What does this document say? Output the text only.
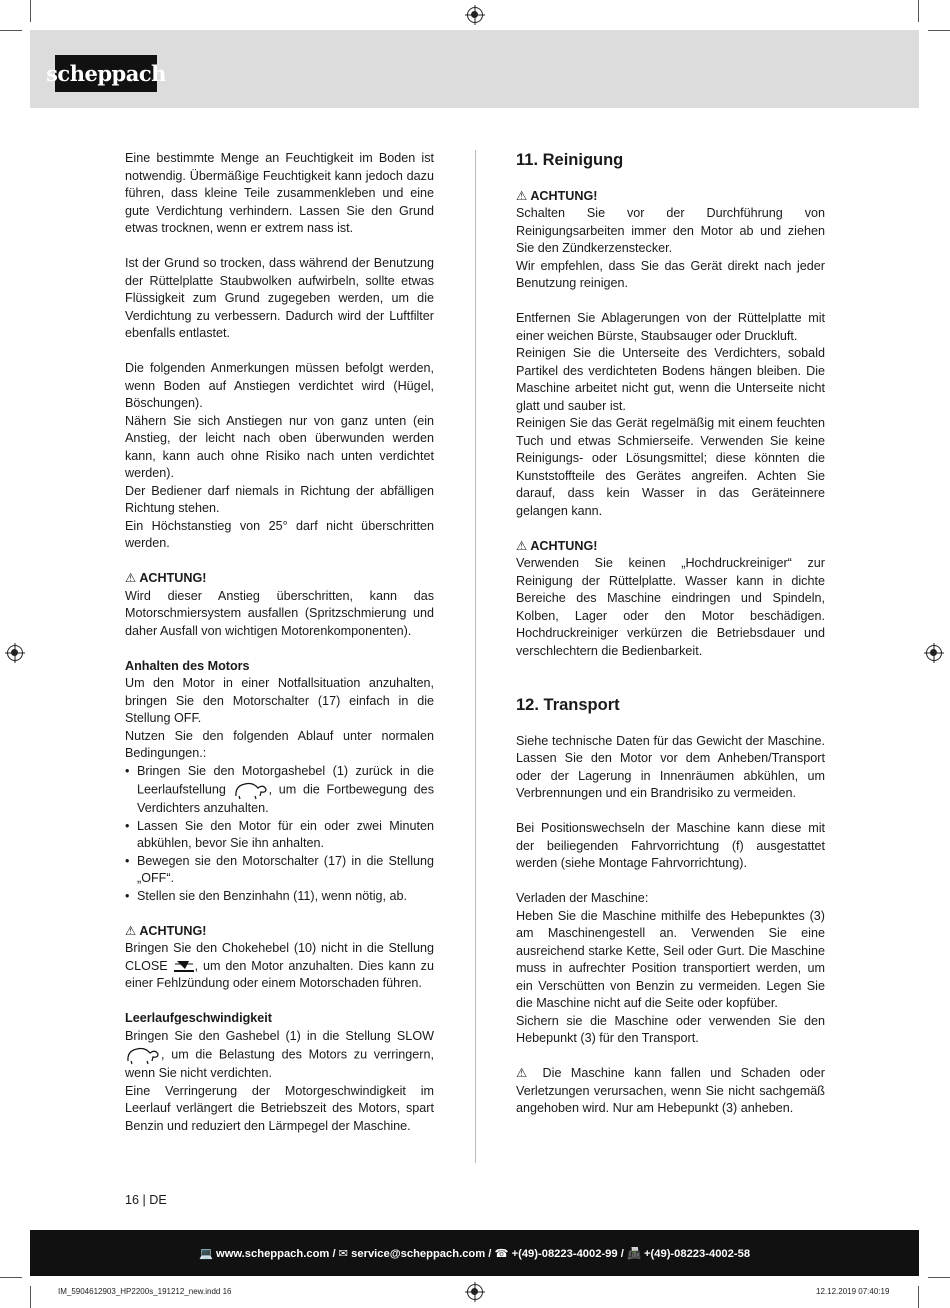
scheppach

Eine bestimmte Menge an Feuchtigkeit im Boden ist notwendig. Übermäßige Feuchtigkeit kann jedoch dazu führen, dass kleine Teile zusammenkleben und eine gute Verdichtung verhindern. Lassen Sie den Grund etwas trocknen, wenn er extrem nass ist.

Ist der Grund so trocken, dass während der Benutzung der Rüttelplatte Staubwolken aufwirbeln, sollte etwas Flüssigkeit zum Grund zugegeben werden, um die Verdichtung zu verbessern. Dadurch wird der Luftfilter ebenfalls entlastet.

Die folgenden Anmerkungen müssen befolgt werden, wenn Boden auf Anstiegen verdichtet wird (Hügel, Böschungen).

Nähern Sie sich Anstiegen nur von ganz unten (ein Anstieg, der leicht nach oben überwunden werden kann, kann auch ohne Risiko nach unten verdichtet werden).

Der Bediener darf niemals in Richtung der abfälligen Richtung stehen.

Ein Höchstanstieg von 25° darf nicht überschritten werden.

⚠ ACHTUNG!

Wird dieser Anstieg überschritten, kann das Motorschmiersystem ausfallen (Spritzschmierung und daher Ausfall von wichtigen Motorenkomponenten).

Anhalten des Motors

Um den Motor in einer Notfallsituation anzuhalten, bringen Sie den Motorschalter (17) einfach in die Stellung OFF.

Nutzen Sie den folgenden Ablauf unter normalen Bedingungen.:

• Bringen Sie den Motorgashebel (1) zurück in die Leerlaufstellung	, um die Fortbewegung des Verdichters anzuhalten.
• Lassen Sie den Motor für ein oder zwei Minuten abkühlen, bevor Sie ihn anhalten.
• Bewegen sie den Motorschalter (17) in die Stellung „OFF“.
• Stellen sie den Benzinhahn (11), wenn nötig, ab.

⚠ ACHTUNG!

Bringen Sie den Chokehebel (10) nicht in die Stellung CLOSE , um den Motor anzuhalten. Dies kann zu einer Fehlzündung oder einem Motorschaden führen.

Leerlaufgeschwindigkeit

Bringen Sie den Gashebel (1) in die Stellung SLOW , um die Belastung des Motors zu verringern, wenn Sie nicht verdichten.

Eine Verringerung der Motorgeschwindigkeit im Leerlauf verlängert die Betriebszeit des Motors, spart Benzin und reduziert den Lärmpegel der Maschine.

11. Reinigung

⚠ ACHTUNG!

Schalten Sie vor der Durchführung von Reinigungsarbeiten immer den Motor ab und ziehen Sie den Zündkerzenstecker.

Wir empfehlen, dass Sie das Gerät direkt nach jeder Benutzung reinigen.

Entfernen Sie Ablagerungen von der Rüttelplatte mit einer weichen Bürste, Staubsauger oder Druckluft.

Reinigen Sie die Unterseite des Verdichters, sobald Partikel des verdichteten Bodens hängen bleiben. Die Maschine arbeitet nicht gut, wenn die Unterseite nicht glatt und sauber ist.

Reinigen Sie das Gerät regelmäßig mit einem feuchten Tuch und etwas Schmierseife. Verwenden Sie keine Reinigungs- oder Lösungsmittel; diese könnten die Kunststoffteile des Gerätes angreifen. Achten Sie darauf, dass kein Wasser in das Geräteinnere gelangen kann.

⚠ ACHTUNG!

Verwenden Sie keinen „Hochdruckreiniger“ zur Reinigung der Rüttelplatte. Wasser kann in dichte Bereiche des Maschine eindringen und Spindeln, Kolben, Lager oder den Motor beschädigen. Hochdruckreiniger verkürzen die Betriebsdauer und verschlechtern die Bedienbarkeit.

12. Transport

Siehe technische Daten für das Gewicht der Maschine. Lassen Sie den Motor vor dem Anheben/Transport oder der Lagerung in Innenräumen abkühlen, um Verbrennungen und ein Brandrisiko zu vermeiden.

Bei Positionswechseln der Maschine kann diese mit der beiliegenden Fahrvorrichtung (f) ausgestattet werden (siehe Montage Fahrvorrichtung).

Verladen der Maschine:

Heben Sie die Maschine mithilfe des Hebepunktes (3) am Maschinengestell an. Verwenden Sie eine ausreichend starke Kette, Seil oder Gurt. Die Maschine muss in aufrechter Position transportiert werden, um ein Verschütten von Benzin zu vermeiden. Legen Sie die Maschine nicht auf die Seite oder kopfüber.

Sichern sie die Maschine oder verwenden Sie den Hebepunkt (3) für den Transport.

⚠ Die Maschine kann fallen und Schaden oder Verletzungen verursachen, wenn Sie nicht sachgemäß angehoben wird. Nur am Hebepunkt (3) anheben.

16 | DE
💻 www.scheppach.com / ✉ service@scheppach.com / ☎ +(49)-08223-4002-99 / 📠 +(49)-08223-4002-58
IM_5904612903_HP2200s_191212_new.indd 16	12.12.2019 07:40:19
